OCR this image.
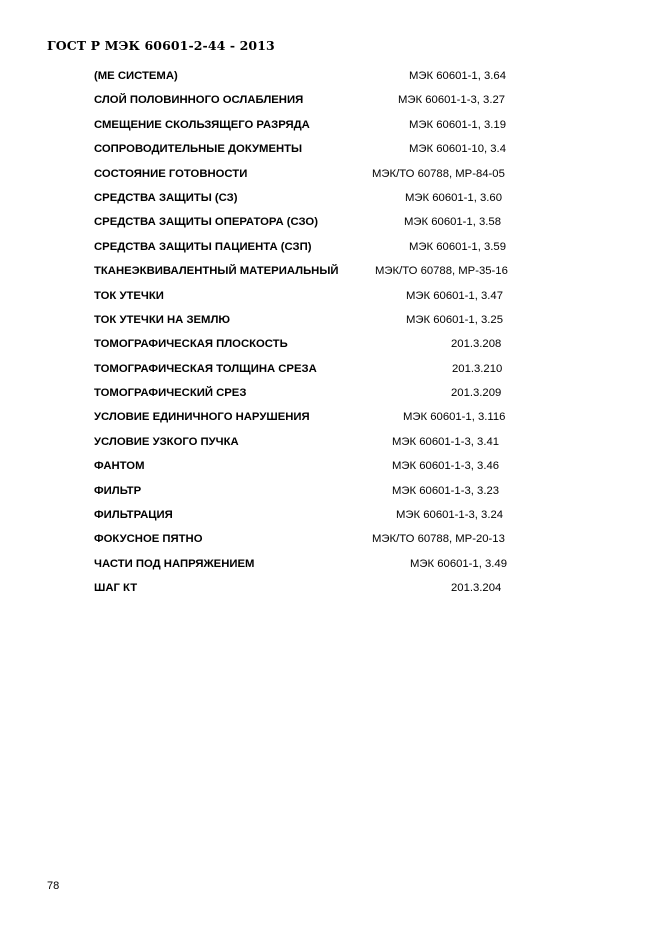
ГОСТ Р МЭК 60601-2-44 - 2013
(МЕ СИСТЕМА)	МЭК 60601-1, 3.64
СЛОЙ ПОЛОВИННОГО ОСЛАБЛЕНИЯ	МЭК 60601-1-3, 3.27
СМЕЩЕНИЕ СКОЛЬЗЯЩЕГО РАЗРЯДА	МЭК 60601-1, 3.19
СОПРОВОДИТЕЛЬНЫЕ ДОКУМЕНТЫ	МЭК 60601-10, 3.4
СОСТОЯНИЕ ГОТОВНОСТИ	МЭК/ТО 60788, МР-84-05
СРЕДСТВА ЗАЩИТЫ (СЗ)	МЭК 60601-1, 3.60
СРЕДСТВА ЗАЩИТЫ ОПЕРАТОРА (СЗО)	МЭК 60601-1, 3.58
СРЕДСТВА ЗАЩИТЫ ПАЦИЕНТА (СЗП)	МЭК 60601-1, 3.59
ТКАНЕЭКВИВАЛЕНТНЫЙ МАТЕРИАЛЬНЫЙ	МЭК/ТО 60788, МР-35-16
ТОК УТЕЧКИ	МЭК 60601-1, 3.47
ТОК УТЕЧКИ НА ЗЕМЛЮ	МЭК 60601-1, 3.25
ТОМОГРАФИЧЕСКАЯ ПЛОСКОСТЬ	201.3.208
ТОМОГРАФИЧЕСКАЯ ТОЛЩИНА СРЕЗА	201.3.210
ТОМОГРАФИЧЕСКИЙ СРЕЗ	201.3.209
УСЛОВИЕ ЕДИНИЧНОГО НАРУШЕНИЯ	МЭК 60601-1, 3.116
УСЛОВИЕ УЗКОГО ПУЧКА	МЭК 60601-1-3, 3.41
ФАНТОМ	МЭК 60601-1-3, 3.46
ФИЛЬТР	МЭК 60601-1-3, 3.23
ФИЛЬТРАЦИЯ	МЭК 60601-1-3, 3.24
ФОКУСНОЕ ПЯТНО	МЭК/ТО 60788, МР-20-13
ЧАСТИ ПОД НАПРЯЖЕНИЕМ	МЭК 60601-1, 3.49
ШАГ КТ	201.3.204
78
